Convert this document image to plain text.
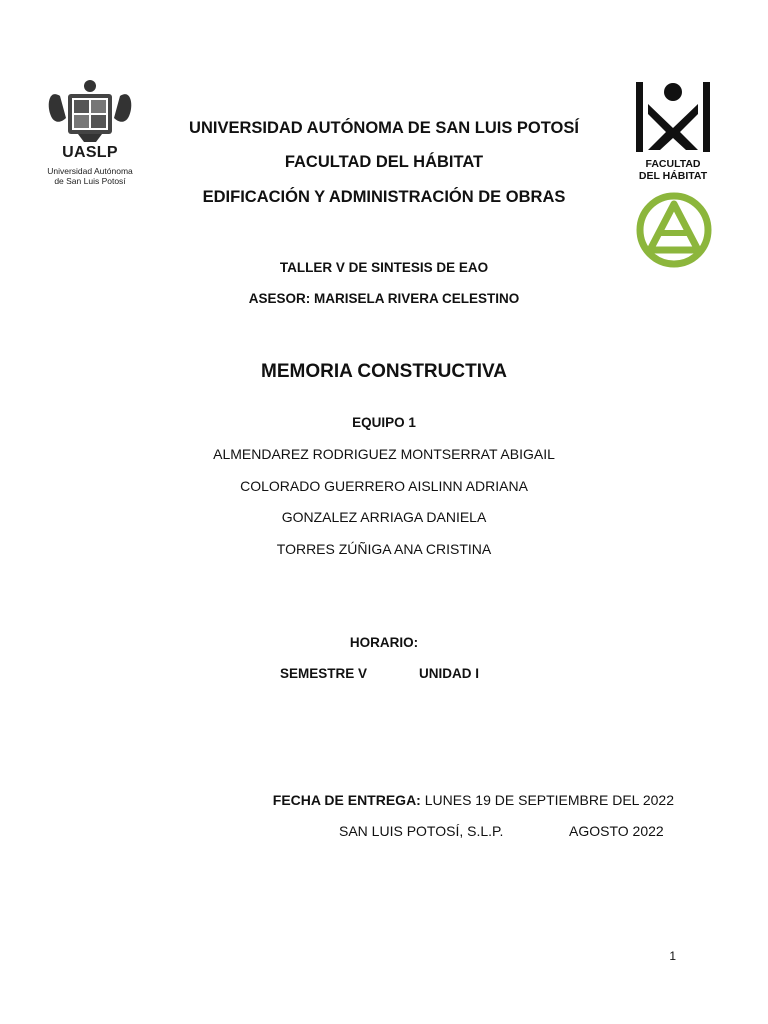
UASLP
Universidad Autónoma
de San Luis Potosí
FACULTAD
DEL HÁBITAT
UNIVERSIDAD AUTÓNOMA DE SAN LUIS POTOSÍ
FACULTAD DEL HÁBITAT
EDIFICACIÓN Y ADMINISTRACIÓN DE OBRAS
TALLER V DE SINTESIS DE EAO
ASESOR: MARISELA RIVERA CELESTINO
MEMORIA CONSTRUCTIVA
EQUIPO 1
ALMENDAREZ RODRIGUEZ MONTSERRAT ABIGAIL
COLORADO GUERRERO AISLINN ADRIANA
GONZALEZ ARRIAGA DANIELA
TORRES ZÚÑIGA ANA CRISTINA
HORARIO:
SEMESTRE V	UNIDAD I
FECHA DE ENTREGA: LUNES 19 DE SEPTIEMBRE DEL 2022
SAN LUIS POTOSÍ, S.L.P.	AGOSTO 2022
1
